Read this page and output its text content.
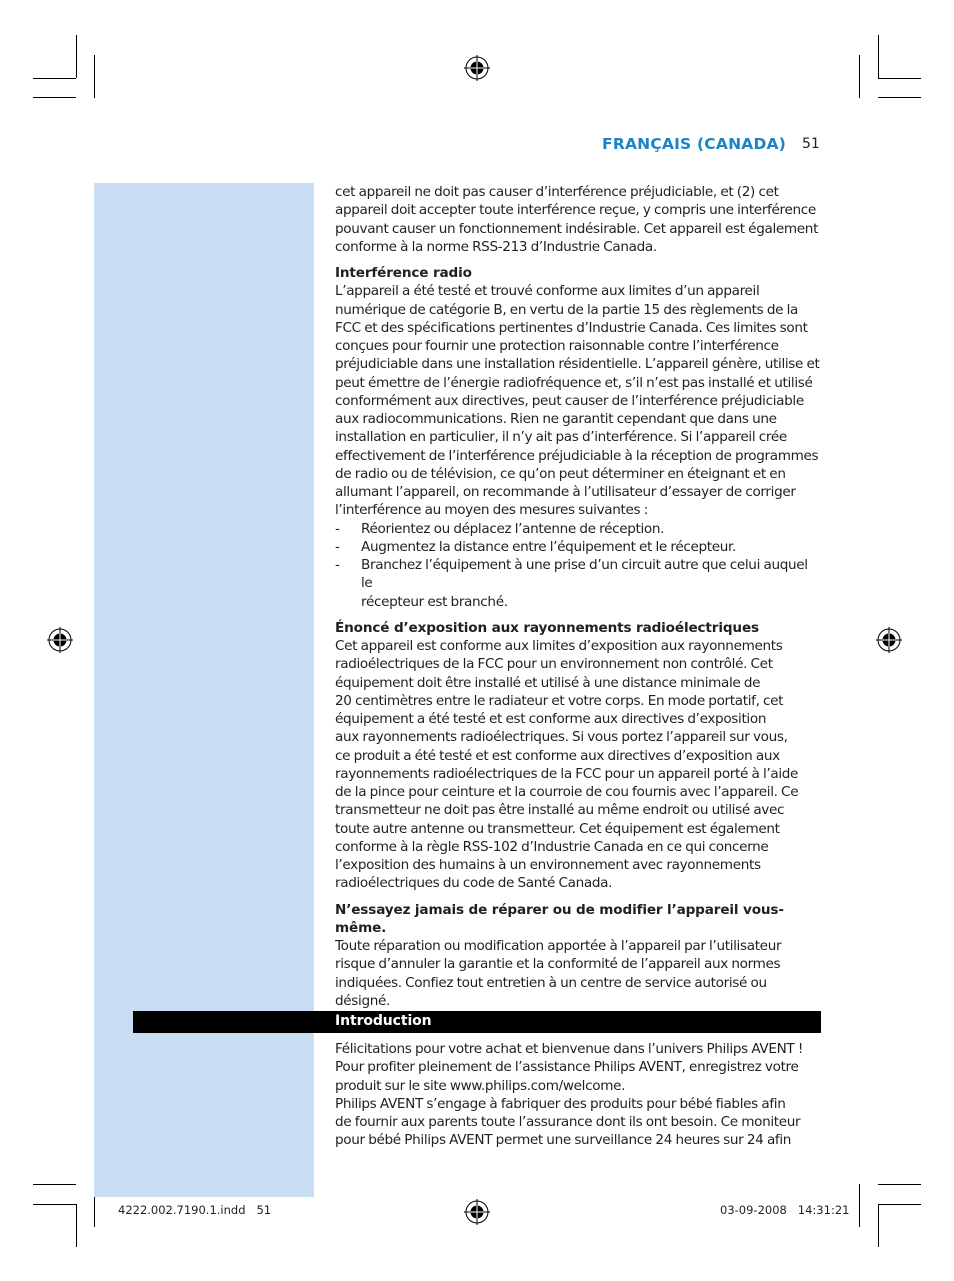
FRANÇAIS (CANADA) 51

cet appareil ne doit pas causer d’interférence préjudiciable, et (2) cet

appareil doit accepter toute interférence reçue, y compris une interférence

pouvant causer un fonctionnement indésirable. Cet appareil est également

conforme à la norme RSS-213 d’Industrie Canada.

Interférence radio

L’appareil a été testé et trouvé conforme aux limites d’un appareil

numérique de catégorie B, en vertu de la partie 15 des règlements de la

FCC et des spécifications pertinentes d’Industrie Canada. Ces limites sont

conçues pour fournir une protection raisonnable contre l’interférence

préjudiciable dans une installation résidentielle. L’appareil génère, utilise et

peut émettre de l’énergie radiofréquence et, s’il n’est pas installé et utilisé

conformément aux directives, peut causer de l’interférence préjudiciable

aux radiocommunications. Rien ne garantit cependant que dans une

installation en particulier, il n’y ait pas d’interférence. Si l’appareil crée

effectivement de l’interférence préjudiciable à la réception de programmes

de radio ou de télévision, ce qu’on peut déterminer en éteignant et en

allumant l’appareil, on recommande à l’utilisateur d’essayer de corriger

l’interférence au moyen des mesures suivantes :

- Réorientez ou déplacez l’antenne de réception.

- Augmentez la distance entre l’équipement et le récepteur.

- Branchez l’équipement à une prise d’un circuit autre que celui auquel le

récepteur est branché.

Énoncé d’exposition aux rayonnements radioélectriques

Cet appareil est conforme aux limites d’exposition aux rayonnements

radioélectriques de la FCC pour un environnement non contrôlé. Cet

équipement doit être installé et utilisé à une distance minimale de

20 centimètres entre le radiateur et votre corps. En mode portatif, cet

équipement a été testé et est conforme aux directives d’exposition

aux rayonnements radioélectriques. Si vous portez l’appareil sur vous,

ce produit a été testé et est conforme aux directives d’exposition aux

rayonnements radioélectriques de la FCC pour un appareil porté à l’aide

de la pince pour ceinture et la courroie de cou fournis avec l’appareil. Ce

transmetteur ne doit pas être installé au même endroit ou utilisé avec

toute autre antenne ou transmetteur. Cet équipement est également

conforme à la règle RSS-102 d’Industrie Canada en ce qui concerne

l’exposition des humains à un environnement avec rayonnements

radioélectriques du code de Santé Canada.

N’essayez jamais de réparer ou de modifier l’appareil vous-

même.

Toute réparation ou modification apportée à l’appareil par l’utilisateur

risque d’annuler la garantie et la conformité de l’appareil aux normes

indiquées. Confiez tout entretien à un centre de service autorisé ou

désigné.

Introduction

Félicitations pour votre achat et bienvenue dans l’univers Philips AVENT !

Pour profiter pleinement de l’assistance Philips AVENT, enregistrez votre

produit sur le site www.philips.com/welcome.

Philips AVENT s’engage à fabriquer des produits pour bébé fiables afin

de fournir aux parents toute l’assurance dont ils ont besoin. Ce moniteur

pour bébé Philips AVENT permet une surveillance 24 heures sur 24 afin

4222.002.7190.1.indd   51	03-09-2008   14:31:21
